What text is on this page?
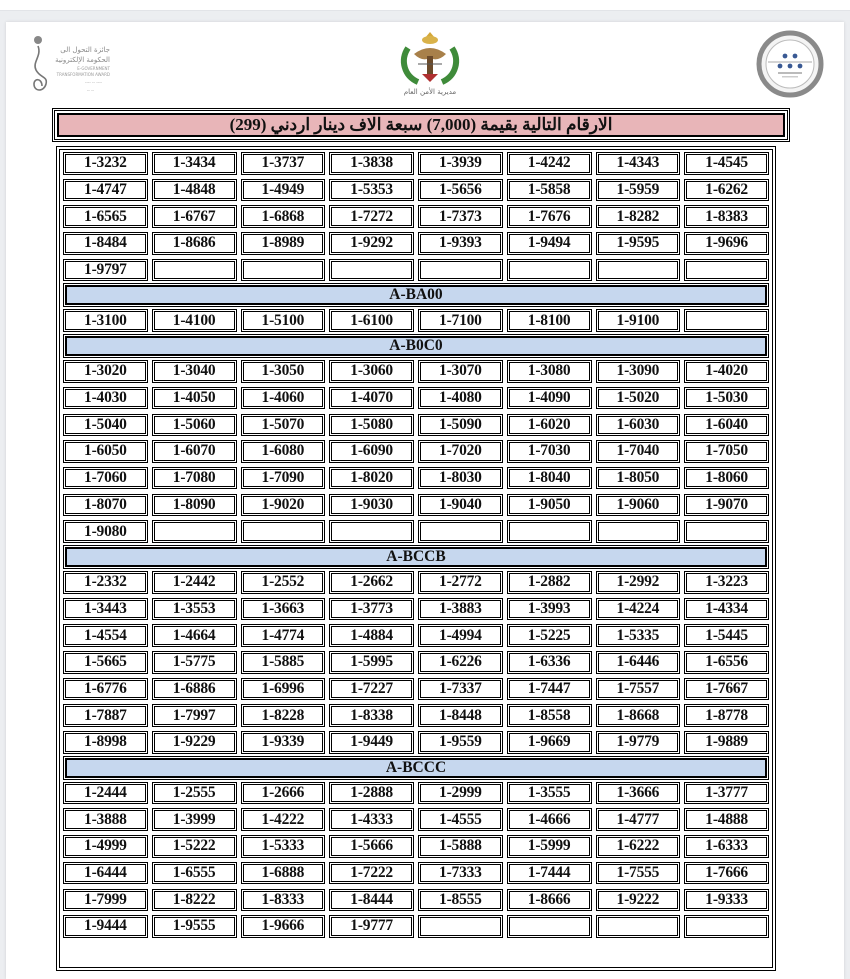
جائزة التحول الى
الحكومة الإلكترونية
E-GOVERNMENT
TRANSFORMATION AWARD
---- -- ----
-- --	مديرية الأمن العام
الارقام التالية بقيمة (7,000) سبعة الاف دينار اردني (299)
1-3232	1-3434	1-3737	1-3838	1-3939	1-4242	1-4343	1-4545
1-4747	1-4848	1-4949	1-5353	1-5656	1-5858	1-5959	1-6262
1-6565	1-6767	1-6868	1-7272	1-7373	1-7676	1-8282	1-8383
1-8484	1-8686	1-8989	1-9292	1-9393	1-9494	1-9595	1-9696
1-9797
A-BA00
1-3100	1-4100	1-5100	1-6100	1-7100	1-8100	1-9100
A-B0C0
1-3020	1-3040	1-3050	1-3060	1-3070	1-3080	1-3090	1-4020
1-4030	1-4050	1-4060	1-4070	1-4080	1-4090	1-5020	1-5030
1-5040	1-5060	1-5070	1-5080	1-5090	1-6020	1-6030	1-6040
1-6050	1-6070	1-6080	1-6090	1-7020	1-7030	1-7040	1-7050
1-7060	1-7080	1-7090	1-8020	1-8030	1-8040	1-8050	1-8060
1-8070	1-8090	1-9020	1-9030	1-9040	1-9050	1-9060	1-9070
1-9080
A-BCCB
1-2332	1-2442	1-2552	1-2662	1-2772	1-2882	1-2992	1-3223
1-3443	1-3553	1-3663	1-3773	1-3883	1-3993	1-4224	1-4334
1-4554	1-4664	1-4774	1-4884	1-4994	1-5225	1-5335	1-5445
1-5665	1-5775	1-5885	1-5995	1-6226	1-6336	1-6446	1-6556
1-6776	1-6886	1-6996	1-7227	1-7337	1-7447	1-7557	1-7667
1-7887	1-7997	1-8228	1-8338	1-8448	1-8558	1-8668	1-8778
1-8998	1-9229	1-9339	1-9449	1-9559	1-9669	1-9779	1-9889
A-BCCC
1-2444	1-2555	1-2666	1-2888	1-2999	1-3555	1-3666	1-3777
1-3888	1-3999	1-4222	1-4333	1-4555	1-4666	1-4777	1-4888
1-4999	1-5222	1-5333	1-5666	1-5888	1-5999	1-6222	1-6333
1-6444	1-6555	1-6888	1-7222	1-7333	1-7444	1-7555	1-7666
1-7999	1-8222	1-8333	1-8444	1-8555	1-8666	1-9222	1-9333
1-9444	1-9555	1-9666	1-9777
